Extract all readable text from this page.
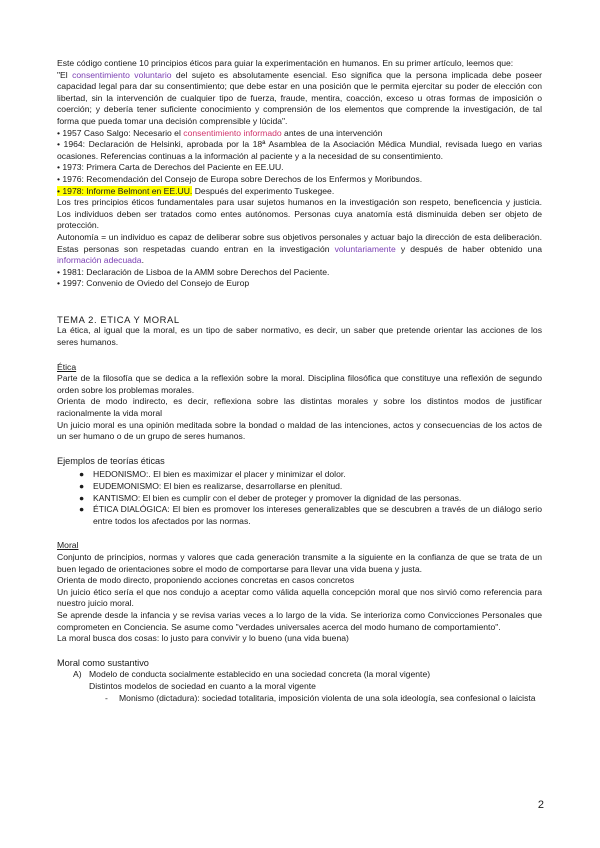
Este código contiene 10 principios éticos para guiar la experimentación en humanos. En su primer artículo, leemos que:

"El consentimiento voluntario del sujeto es absolutamente esencial. Eso significa que la persona implicada debe poseer capacidad legal para dar su consentimiento; que debe estar en una posición que le permita ejercitar su poder de elección con libertad, sin la intervención de cualquier tipo de fuerza, fraude, mentira, coacción, exceso u otras formas de imposición o coerción; y debería tener suficiente conocimiento y comprensión de los elementos que comprende la investigación, de tal forma que pueda tomar una decisión comprensible y lúcida".

• 1957 Caso Salgo: Necesario el consentimiento informado antes de una intervención

• 1964: Declaración de Helsinki, aprobada por la 18ª Asamblea de la Asociación Médica Mundial, revisada luego en varias ocasiones. Referencias continuas a la información al paciente y a la necesidad de su consentimiento.

• 1973: Primera Carta de Derechos del Paciente en EE.UU.

• 1976: Recomendación del Consejo de Europa sobre Derechos de los Enfermos y Moribundos.

• 1978: Informe Belmont en EE.UU. Después del experimento Tuskegee.

Los tres principios éticos fundamentales para usar sujetos humanos en la investigación son respeto, beneficencia y justicia. Los individuos deben ser tratados como entes autónomos. Personas cuya anatomía está disminuida deben ser objeto de protección.

Autonomía = un individuo es capaz de deliberar sobre sus objetivos personales y actuar bajo la dirección de esta deliberación. Estas personas son respetadas cuando entran en la investigación voluntariamente y después de haber obtenido una información adecuada.

• 1981: Declaración de Lisboa de la AMM sobre Derechos del Paciente.

• 1997: Convenio de Oviedo del Consejo de Europ

TEMA 2. ETICA Y MORAL

La ética, al igual que la moral, es un tipo de saber normativo, es decir, un saber que pretende orientar las acciones de los seres humanos.

Ética

Parte de la filosofía que se dedica a la reflexión sobre la moral. Disciplina filosófica que constituye una reflexión de segundo orden sobre los problemas morales.

Orienta de modo indirecto, es decir, reflexiona sobre las distintas morales y sobre los distintos modos de justificar racionalmente la vida moral

Un juicio moral es una opinión meditada sobre la bondad o maldad de las intenciones, actos y consecuencias de los actos de un ser humano o de un grupo de seres humanos.

Ejemplos de teorías éticas

● HEDONISMO:. El bien es maximizar el placer y minimizar el dolor.
● EUDEMONISMO: El bien es realizarse, desarrollarse en plenitud.
● KANTISMO: El bien es cumplir con el deber de proteger y promover la dignidad de las personas.
● ÉTICA DIALÓGICA: El bien es promover los intereses generalizables que se descubren a través de un diálogo serio entre todos los afectados por las normas.

Moral

Conjunto de principios, normas y valores que cada generación transmite a la siguiente en la confianza de que se trata de un buen legado de orientaciones sobre el modo de comportarse para llevar una vida buena y justa.

Orienta de modo directo, proponiendo acciones concretas en casos concretos

Un juicio ético sería el que nos condujo a aceptar como válida aquella concepción moral que nos sirvió como referencia para nuestro juicio moral.

Se aprende desde la infancia y se revisa varias veces a lo largo de la vida. Se interioriza como Convicciones Personales que comprometen en Conciencia. Se asume como "verdades universales acerca del modo humano de comportamiento".

La moral busca dos cosas: lo justo para convivir y lo bueno (una vida buena)

Moral como sustantivo

A) Modelo de conducta socialmente establecido en una sociedad concreta (la moral vigente)

Distintos modelos de sociedad en cuanto a la moral vigente

- Monismo (dictadura): sociedad totalitaria, imposición violenta de una sola ideología, sea confesional o laicista

2
